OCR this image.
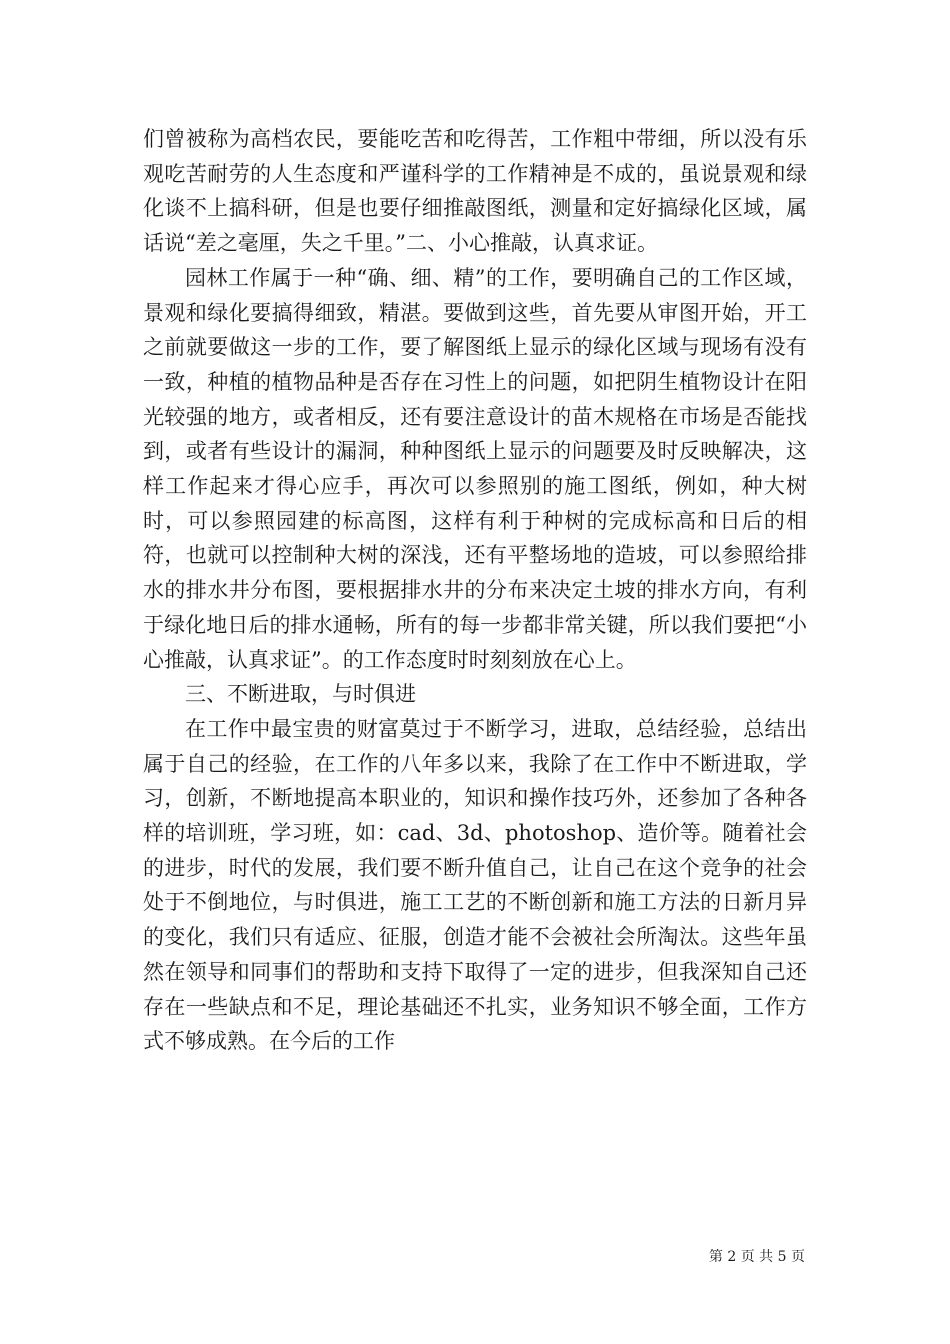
们曾被称为高档农民，要能吃苦和吃得苦，工作粗中带细，所以没有乐观吃苦耐劳的人生态度和严谨科学的工作精神是不成的，虽说景观和绿化谈不上搞科研，但是也要仔细推敲图纸，测量和定好搞绿化区域，属话说“差之毫厘，失之千里。”二、小心推敲，认真求证。

园林工作属于一种“确、细、精”的工作，要明确自己的工作区域，景观和绿化要搞得细致，精湛。要做到这些，首先要从审图开始，开工之前就要做这一步的工作，要了解图纸上显示的绿化区域与现场有没有一致，种植的植物品种是否存在习性上的问题，如把阴生植物设计在阳光较强的地方，或者相反，还有要注意设计的苗木规格在市场是否能找到，或者有些设计的漏洞，种种图纸上显示的问题要及时反映解决，这样工作起来才得心应手，再次可以参照别的施工图纸，例如，种大树时，可以参照园建的标高图，这样有利于种树的完成标高和日后的相符，也就可以控制种大树的深浅，还有平整场地的造坡，可以参照给排水的排水井分布图，要根据排水井的分布来决定土坡的排水方向，有利于绿化地日后的排水通畅，所有的每一步都非常关键，所以我们要把“小心推敲，认真求证”。的工作态度时时刻刻放在心上。

三、不断进取，与时俱进

在工作中最宝贵的财富莫过于不断学习，进取，总结经验，总结出属于自己的经验，在工作的八年多以来，我除了在工作中不断进取，学习，创新，不断地提高本职业的，知识和操作技巧外，还参加了各种各样的培训班，学习班，如：cad、3d、photoshop、造价等。随着社会的进步，时代的发展，我们要不断升值自己，让自己在这个竞争的社会处于不倒地位，与时俱进，施工工艺的不断创新和施工方法的日新月异的变化，我们只有适应、征服，创造才能不会被社会所淘汰。这些年虽然在领导和同事们的帮助和支持下取得了一定的进步，但我深知自己还存在一些缺点和不足，理论基础还不扎实，业务知识不够全面，工作方式不够成熟。在今后的工作

第 2 页 共 5 页
